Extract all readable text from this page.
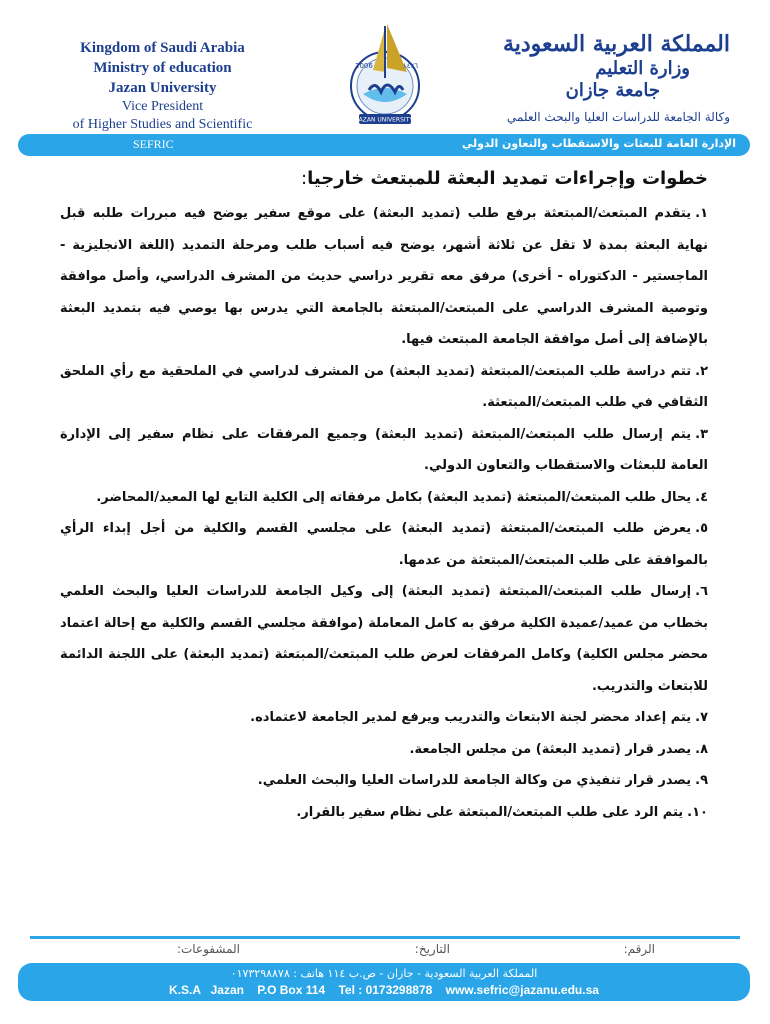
Kingdom of Saudi Arabia
Ministry of education
Jazan University
Vice President
of Higher Studies and Scientific
2006	١٤٢٦
JAZAN UNIVERSITY
المملكة العربية السعودية
وزارة التعليم
جامعة جازان
وكالة الجامعة للدراسات العليا والبحث العلمي
SEFRIC	الإدارة العامة للبعثات والاستقطاب والتعاون الدولي
خطوات وإجراءات تمديد البعثة للمبتعث خارجيا:
١.يتقدم المبتعث/المبتعثة برفع طلب (تمديد البعثة) على موقع سفير يوضح فيه مبررات طلبه قبل نهاية البعثة بمدة لا تقل عن ثلاثة أشهر، يوضح فيه أسباب طلب ومرحلة التمديد (اللغة الانجليزية - الماجستير - الدكتوراه - أخرى) مرفق معه تقرير دراسي حديث من المشرف الدراسي، وأصل موافقة وتوصية المشرف الدراسي على المبتعث/المبتعثة بالجامعة التي يدرس بها يوصي فيه بتمديد البعثة بالإضافة إلى أصل موافقة الجامعة المبتعث فيها.
٢.تتم دراسة طلب المبتعث/المبتعثة (تمديد البعثة) من المشرف لدراسي في الملحقية مع رأي الملحق الثقافي في طلب المبتعث/المبتعثة.
٣.يتم إرسال طلب المبتعث/المبتعثة (تمديد البعثة) وجميع المرفقات على نظام سفير إلى الإدارة العامة للبعثات والاستقطاب والتعاون الدولي.
٤.يحال طلب المبتعث/المبتعثة (تمديد البعثة) بكامل مرفقاته إلى الكلية التابع لها المعيد/المحاضر.
٥.يعرض طلب المبتعث/المبتعثة (تمديد البعثة) على مجلسي القسم والكلية من أجل إبداء الرأي بالموافقة على طلب المبتعث/المبتعثة من عدمها.
٦.إرسال طلب المبتعث/المبتعثة (تمديد البعثة) إلى وكيل الجامعة للدراسات العليا والبحث العلمي بخطاب من عميد/عميدة الكلية مرفق به كامل المعاملة (موافقة مجلسي القسم والكلية مع إحالة اعتماد محضر مجلس الكلية) وكامل المرفقات لعرض طلب المبتعث/المبتعثة (تمديد البعثة) على اللجنة الدائمة للابتعاث والتدريب.
٧.يتم إعداد محضر لجنة الابتعاث والتدريب ويرفع لمدير الجامعة لاعتماده.
٨.يصدر قرار (تمديد البعثة) من مجلس الجامعة.
٩.يصدر قرار تنفيذي من وكالة الجامعة للدراسات العليا والبحث العلمي.
١٠.يتم الرد على طلب المبتعث/المبتعثة على نظام سفير بالقرار.
الرقم:
التاريخ:
المشفوعات:
المملكة العربية السعودية - جازان - ص.ب ١١٤ هاتف : ٠١٧٣٢٩٨٨٧٨
K.S.A   Jazan    P.O Box 114    Tel : 0173298878    www.sefric@jazanu.edu.sa
